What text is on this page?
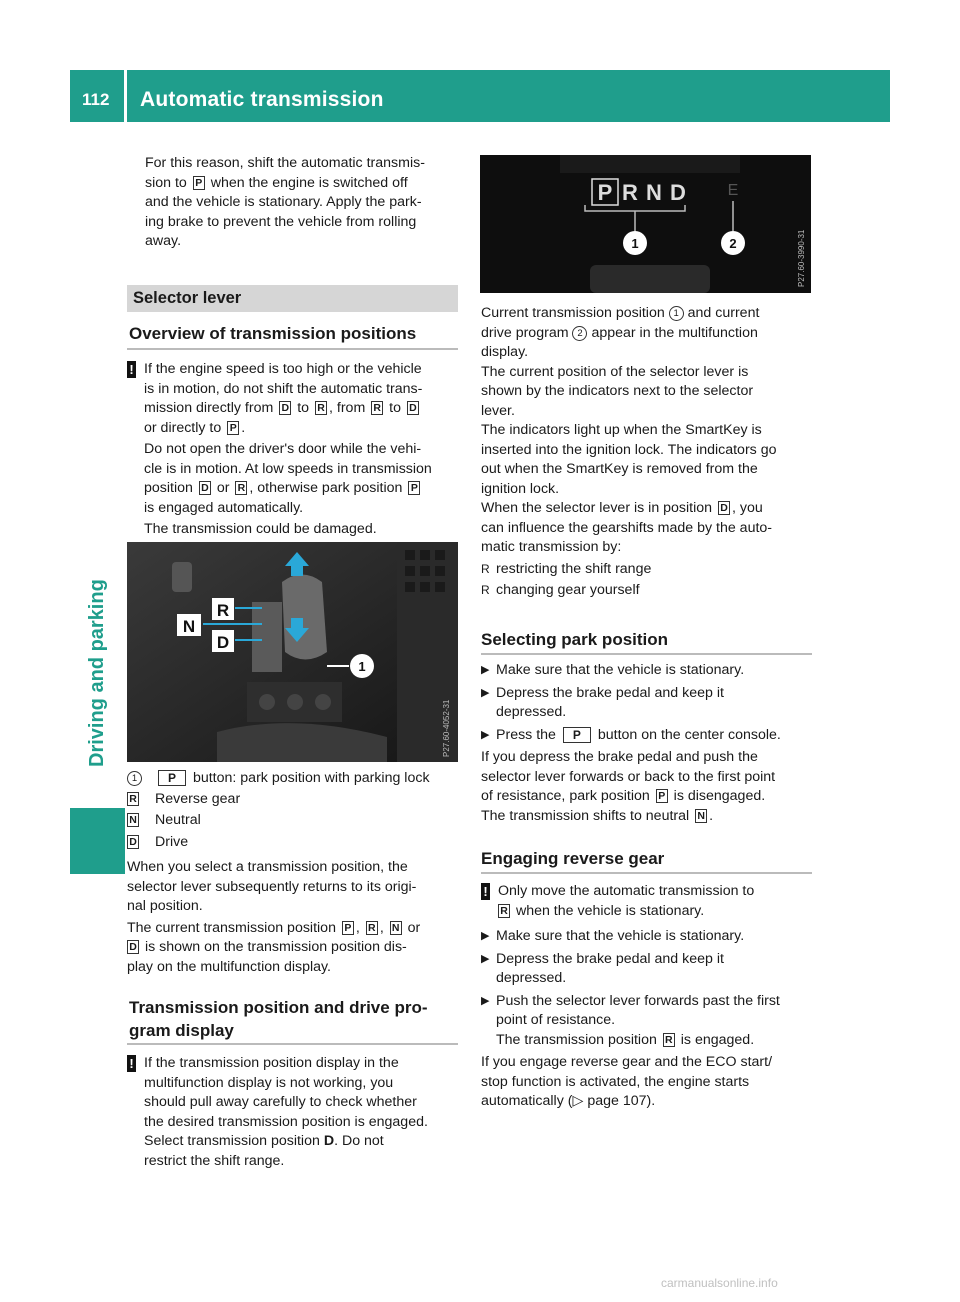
112 Automatic transmission
Driving and parking
For this reason, shift the automatic transmis-
sion to P when the engine is switched off
and the vehicle is stationary. Apply the park-
ing brake to prevent the vehicle from rolling
away.
Selector lever
Overview of transmission positions
! If the engine speed is too high or the vehicle
is in motion, do not shift the automatic trans-
mission directly from D to R , from R to D
or directly to P .
Do not open the driver's door while the vehi-
cle is in motion. At low speeds in transmission
position D or R , otherwise park position P
is engaged automatically.
The transmission could be damaged.
R
N
D
1
P27.60-4052-31
1	P button: park position with parking lock
R Reverse gear
N Neutral
D Drive
When you select a transmission position, the
selector lever subsequently returns to its origi-
nal position.
The current transmission position P , R , N or
D is shown on the transmission position dis-
play on the multifunction display.
Transmission position and drive pro-
gram display
! If the transmission position display in the
multifunction display is not working, you
should pull away carefully to check whether
the desired transmission position is engaged.
Select transmission position D. Do not
restrict the shift range.
P R N D	E
1	2	P27.60-3990-31
Current transmission position 1 and current
drive program 2 appear in the multifunction
display.
The current position of the selector lever is
shown by the indicators next to the selector
lever.
The indicators light up when the SmartKey is
inserted into the ignition lock. The indicators go
out when the SmartKey is removed from the
ignition lock.
When the selector lever is in position D , you
can influence the gearshifts made by the auto-
matic transmission by:
R restricting the shift range
R changing gear yourself
Selecting park position
▶ Make sure that the vehicle is stationary.
▶ Depress the brake pedal and keep it
depressed.
▶ Press the P button on the center console.
If you depress the brake pedal and push the
selector lever forwards or back to the first point
of resistance, park position P is disengaged.
The transmission shifts to neutral N .
Engaging reverse gear
! Only move the automatic transmission to
R when the vehicle is stationary.
▶ Make sure that the vehicle is stationary.
▶ Depress the brake pedal and keep it
depressed.
▶ Push the selector lever forwards past the first
point of resistance.
The transmission position R is engaged.
If you engage reverse gear and the ECO start/
stop function is activated, the engine starts
automatically (▷ page 107).
carmanualsonline.info
